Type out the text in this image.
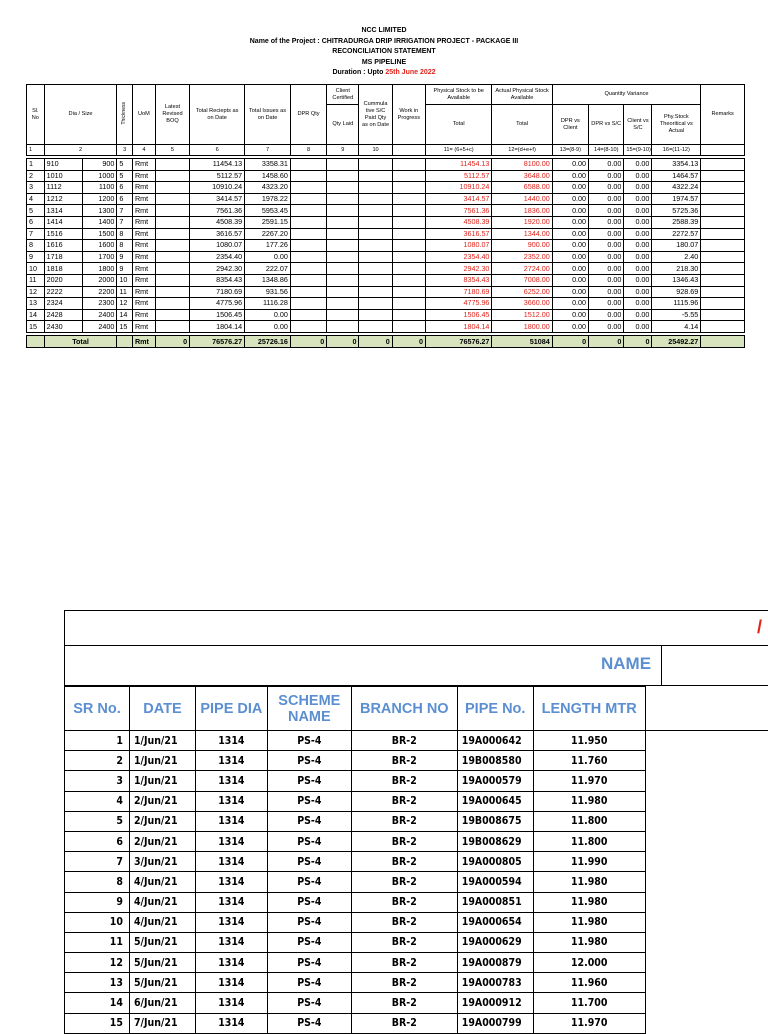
NCC LIMITED
Name of the Project : CHITRADURGA DRIP IRRIGATION PROJECT - PACKAGE III
RECONCILIATION STATEMENT
MS PIPELINE
Duration : Upto 25th June 2022
Sl. No	Dia / Size		Thickness	UoM	Latest Revised BOQ	Total Reciepts as on Date	Total Issues as on Date	DPR Qty	Client Certified	Cummula tive S/C Paid Qty as on Date	Work in Progress	Physical Stock to be Available	Actual Physical Stock Available	Quantity Variance				Remarks
									Qty Laid			Total	Total	DPR vs Client	DPR vs S/C	Client vs S/C	Phy.Stock Theoritical vs Actual	
1	2		3	4	5	6	7	8	9	10		11= (6+5+c)	12=(d+e+f)	13=(8-9)	14=(8-10)	15=(9-10)	16=(11-12)	

1	910	900	5	Rmt		11454.13	3358.31					11454.13	8100.00	0.00	0.00	0.00	3354.13	
2	1010	1000	5	Rmt		5112.57	1458.60					5112.57	3648.00	0.00	0.00	0.00	1464.57	
3	1112	1100	6	Rmt		10910.24	4323.20					10910.24	6588.00	0.00	0.00	0.00	4322.24	
4	1212	1200	6	Rmt		3414.57	1978.22					3414.57	1440.00	0.00	0.00	0.00	1974.57	
5	1314	1300	7	Rmt		7561.36	5953.45					7561.36	1836.00	0.00	0.00	0.00	5725.36	
6	1414	1400	7	Rmt		4508.39	2591.15					4508.39	1920.00	0.00	0.00	0.00	2588.39	
7	1516	1500	8	Rmt		3616.57	2267.20					3616.57	1344.00	0.00	0.00	0.00	2272.57	
8	1616	1600	8	Rmt		1080.07	177.26					1080.07	900.00	0.00	0.00	0.00	180.07	
9	1718	1700	9	Rmt		2354.40	0.00					2354.40	2352.00	0.00	0.00	0.00	2.40	
10	1818	1800	9	Rmt		2942.30	222.07					2942.30	2724.00	0.00	0.00	0.00	218.30	
11	2020	2000	10	Rmt		8354.43	1348.86					8354.43	7008.00	0.00	0.00	0.00	1346.43	
12	2222	2200	11	Rmt		7180.69	931.56					7180.69	6252.00	0.00	0.00	0.00	928.69	
13	2324	2300	12	Rmt		4775.96	1116.28					4775.96	3660.00	0.00	0.00	0.00	1115.96	
14	2428	2400	14	Rmt		1506.45	0.00					1506.45	1512.00	0.00	0.00	0.00	-5.55	
15	2430	2400	15	Rmt		1804.14	0.00					1804.14	1800.00	0.00	0.00	0.00	4.14	

	Total			Rmt	0	76576.27	25726.16	0	0	0	0	76576.27	51084	0	0	0	25492.27	
/
NAME
SR No.	DATE	PIPE DIA	SCHEME NAME	BRANCH NO	PIPE No.	LENGTH MTR	
1	1/Jun/21	1314	PS-4	BR-2	19A000642	11.950	
2	1/Jun/21	1314	PS-4	BR-2	19B008580	11.760	
3	1/Jun/21	1314	PS-4	BR-2	19A000579	11.970	
4	2/Jun/21	1314	PS-4	BR-2	19A000645	11.980	
5	2/Jun/21	1314	PS-4	BR-2	19B008675	11.800	
6	2/Jun/21	1314	PS-4	BR-2	19B008629	11.800	
7	3/Jun/21	1314	PS-4	BR-2	19A000805	11.990	
8	4/Jun/21	1314	PS-4	BR-2	19A000594	11.980	
9	4/Jun/21	1314	PS-4	BR-2	19A000851	11.980	
10	4/Jun/21	1314	PS-4	BR-2	19A000654	11.980	
11	5/Jun/21	1314	PS-4	BR-2	19A000629	11.980	
12	5/Jun/21	1314	PS-4	BR-2	19A000879	12.000	
13	5/Jun/21	1314	PS-4	BR-2	19A000783	11.960	
14	6/Jun/21	1314	PS-4	BR-2	19A000912	11.700	
15	7/Jun/21	1314	PS-4	BR-2	19A000799	11.970	
